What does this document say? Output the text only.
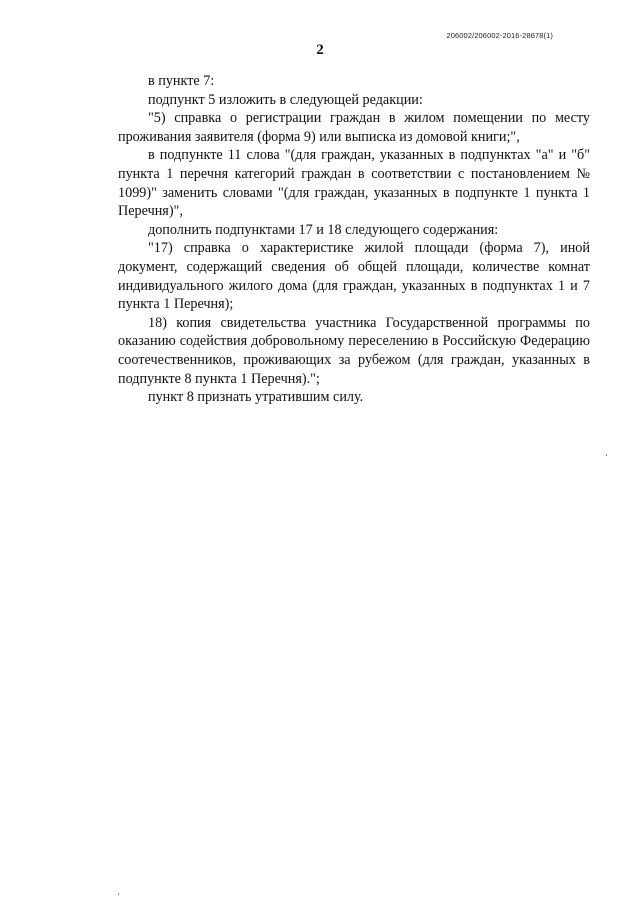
206002/206002-2016-28678(1)
2

в пункте 7:

подпункт 5 изложить в следующей редакции:

"5) справка о регистрации граждан в жилом помещении по месту проживания заявителя (форма 9) или выписка из домовой книги;",

в подпункте 11 слова "(для граждан, указанных в подпунктах "а" и "б" пункта 1 перечня категорий граждан в соответствии с постановлением № 1099)" заменить словами "(для граждан, указанных в подпункте 1 пункта 1 Перечня)",

дополнить подпунктами 17 и 18 следующего содержания:

"17) справка о характеристике жилой площади (форма 7), иной документ, содержащий сведения об общей площади, количестве комнат индивидуального жилого дома (для граждан, указанных в подпунктах 1 и 7 пункта 1 Перечня);

18) копия свидетельства участника Государственной программы по оказанию содействия добровольному переселению в Российскую Федерацию соотечественников, проживающих за рубежом (для граждан, указанных в подпункте 8 пункта 1 Перечня).";

пункт 8 признать утратившим силу.
